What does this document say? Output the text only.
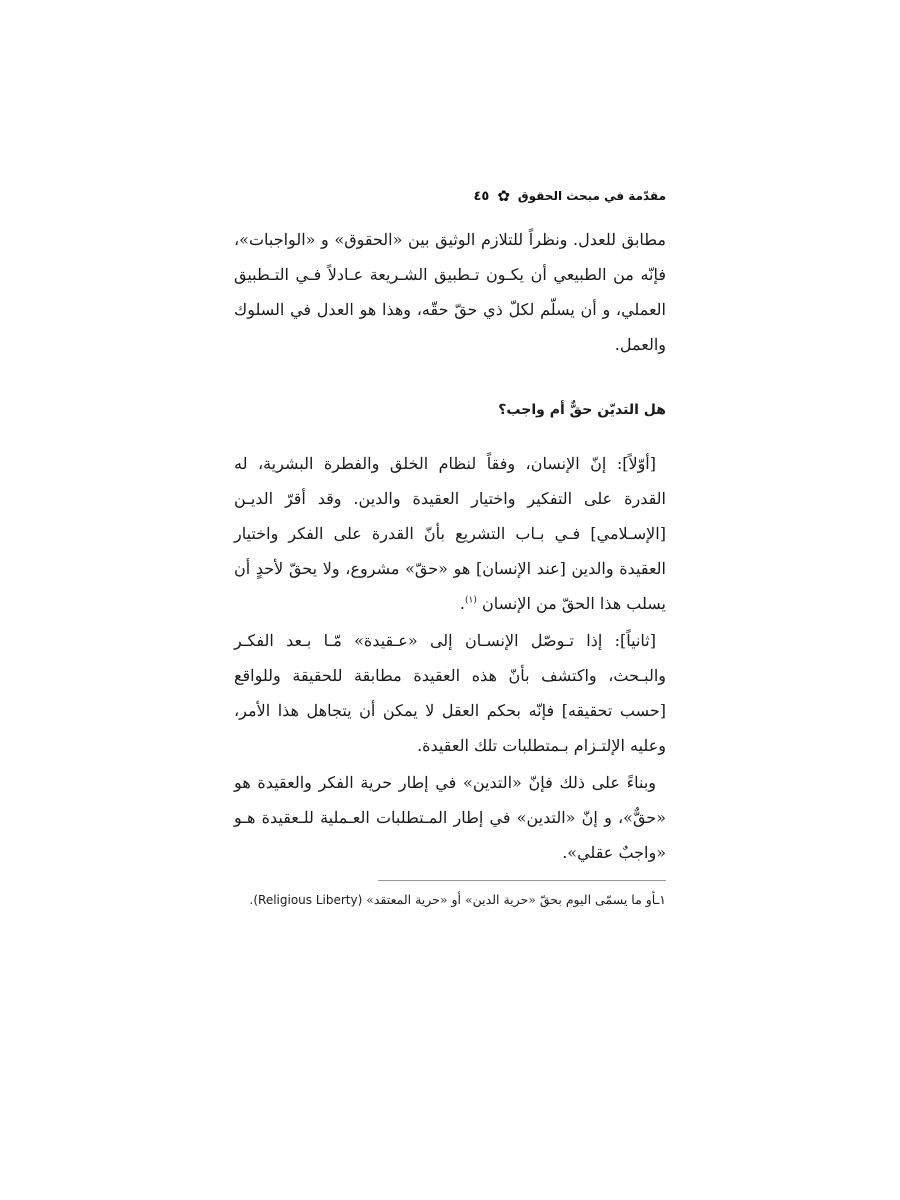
مقدّمة في مبحث الحقوق
✿
٤٥

مطابق للعدل. ونظراً للتلازم الوثيق بين «الحقوق» و «الواجبات»، فإنّه من الطبيعي أن يكـون تـطبيق الشـريعة عـادلاً فـي التـطبيق العملي، و أن يسلّم لكلّ ذي حقّ حقّه، وهذا هو العدل في السلوك والعمل.

هل التديّن حقٌّ أم واجب؟

[أوّلاً]: إنّ الإنسان، وفقاً لنظام الخلق والفطرة البشرية، له القدرة على التفكير واختيار العقيدة والدين. وقد أقرّ الديـن [الإسـلامي] فـي بـاب التشريع بأنّ القدرة على الفكر واختيار العقيدة والدين [عند الإنسان] هو «حقّ» مشروع، ولا يحقّ لأحدٍ أن يسلب هذا الحقّ من الإنسان $^{(١)}$.

[ثانياً]: إذا تـوصّل الإنسـان إلى «عـقيدة» مّـا بـعد الفكـر والبـحث، واكتشف بأنّ هذه العقيدة مطابقة للحقيقة وللواقع [حسب تحقيقه] فإنّه بحكم العقل لا يمكن أن يتجاهل هذا الأمر، وعليه الإلتـزام بـمتطلبات تلك العقيدة.

وبناءً على ذلك فإنّ «التدين» في إطار حرية الفكر والعقيدة هو «حقٌّ»، و إنّ «التدين» في إطار المـتطلبات العـملية للـعقيدة هـو «واجبٌ عقلي».

١ـأو ما يسمّى اليوم بحقّ «حرية الدين» أو «حرية المعتقد» (Religious Liberty).
